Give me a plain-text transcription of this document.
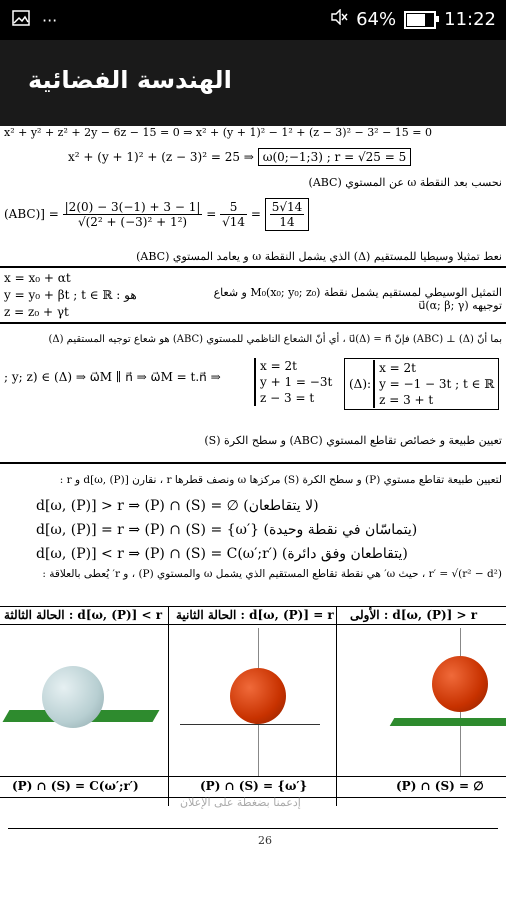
···	64%	11:22
الهندسة الفضائية
x² + y² + z² + 2y − 6z − 15 = 0 ⇒ x² + (y + 1)² − 1² + (z − 3)² − 3² − 15 = 0
x² + (y + 1)² + (z − 3)² = 25 ⇒ ω(0;−1;3) ; r = √25 = 5
نحسب بعد النقطة ω عن المستوي (ABC)
$(ABC)] = \frac{|2(0) - 3(-1) + 3 - 1|}{\text{√(2² + (−3)² + 1²)}} = \frac{5}{√14} = \frac{5√14}{14}$
نعط تمثيلا وسيطيا للمستقيم (Δ) الذي يشمل النقطة ω و يعامد المستوي (ABC)
x = x₀ + αt
y = y₀ + βt ; t ∈ ℝ : هو
z = z₀ + γt
التمثيل الوسيطي لمستقيم يشمل نقطة M₀(x₀; y₀; z₀) و شعاع توجيهه u⃗(α; β; γ)
بما أنّ (Δ) ⊥ (ABC) فإنّ u⃗(Δ) = n⃗ ، أي أنّ الشعاع الناظمي للمستوي (ABC) هو شعاع توجيه المستقيم (Δ)
; y; z) ∈ (Δ) ⇒ ω⃗M ∥ n⃗ ⇒ ω⃗M = t.n⃗ ⇒
x = 2t
y + 1 = −3t
z − 3 = t
(Δ):
x = 2t
y = −1 − 3t ; t ∈ ℝ
z = 3 + t
تعيين طبيعة و خصائص تقاطع المستوي (ABC) و سطح الكرة (S)
لتعيين طبيعة تقاطع مستوي (P) و سطح الكرة (S) مركزها ω ونصف قطرها r ، نقارن d[ω, (P)] و r :
d[ω, (P)] > r ⇒ (P) ∩ (S) = ∅ (لا يتقاطعان)
d[ω, (P)] = r ⇒ (P) ∩ (S) = {ω′} (يتماسّان في نقطة وحيدة)
d[ω, (P)] < r ⇒ (P) ∩ (S) = C(ω′;r′) (يتقاطعان وفق دائرة)
r′ = √(r² − d²) ، حيث ω′ هي نقطة تقاطع المستقيم الذي يشمل ω والمستوي (P) ، و r′ يُعطى بالعلاقة :
الحالة الثالثة : d[ω, (P)] < r الحالة الثانية : d[ω, (P)] = r الأولى : d[ω, (P)] > r
(P) ∩ (S) = C(ω′;r′)	(P) ∩ (S) = {ω′}	(P) ∩ (S) = ∅
إدعمنا بضغطة على الإعلان
26
